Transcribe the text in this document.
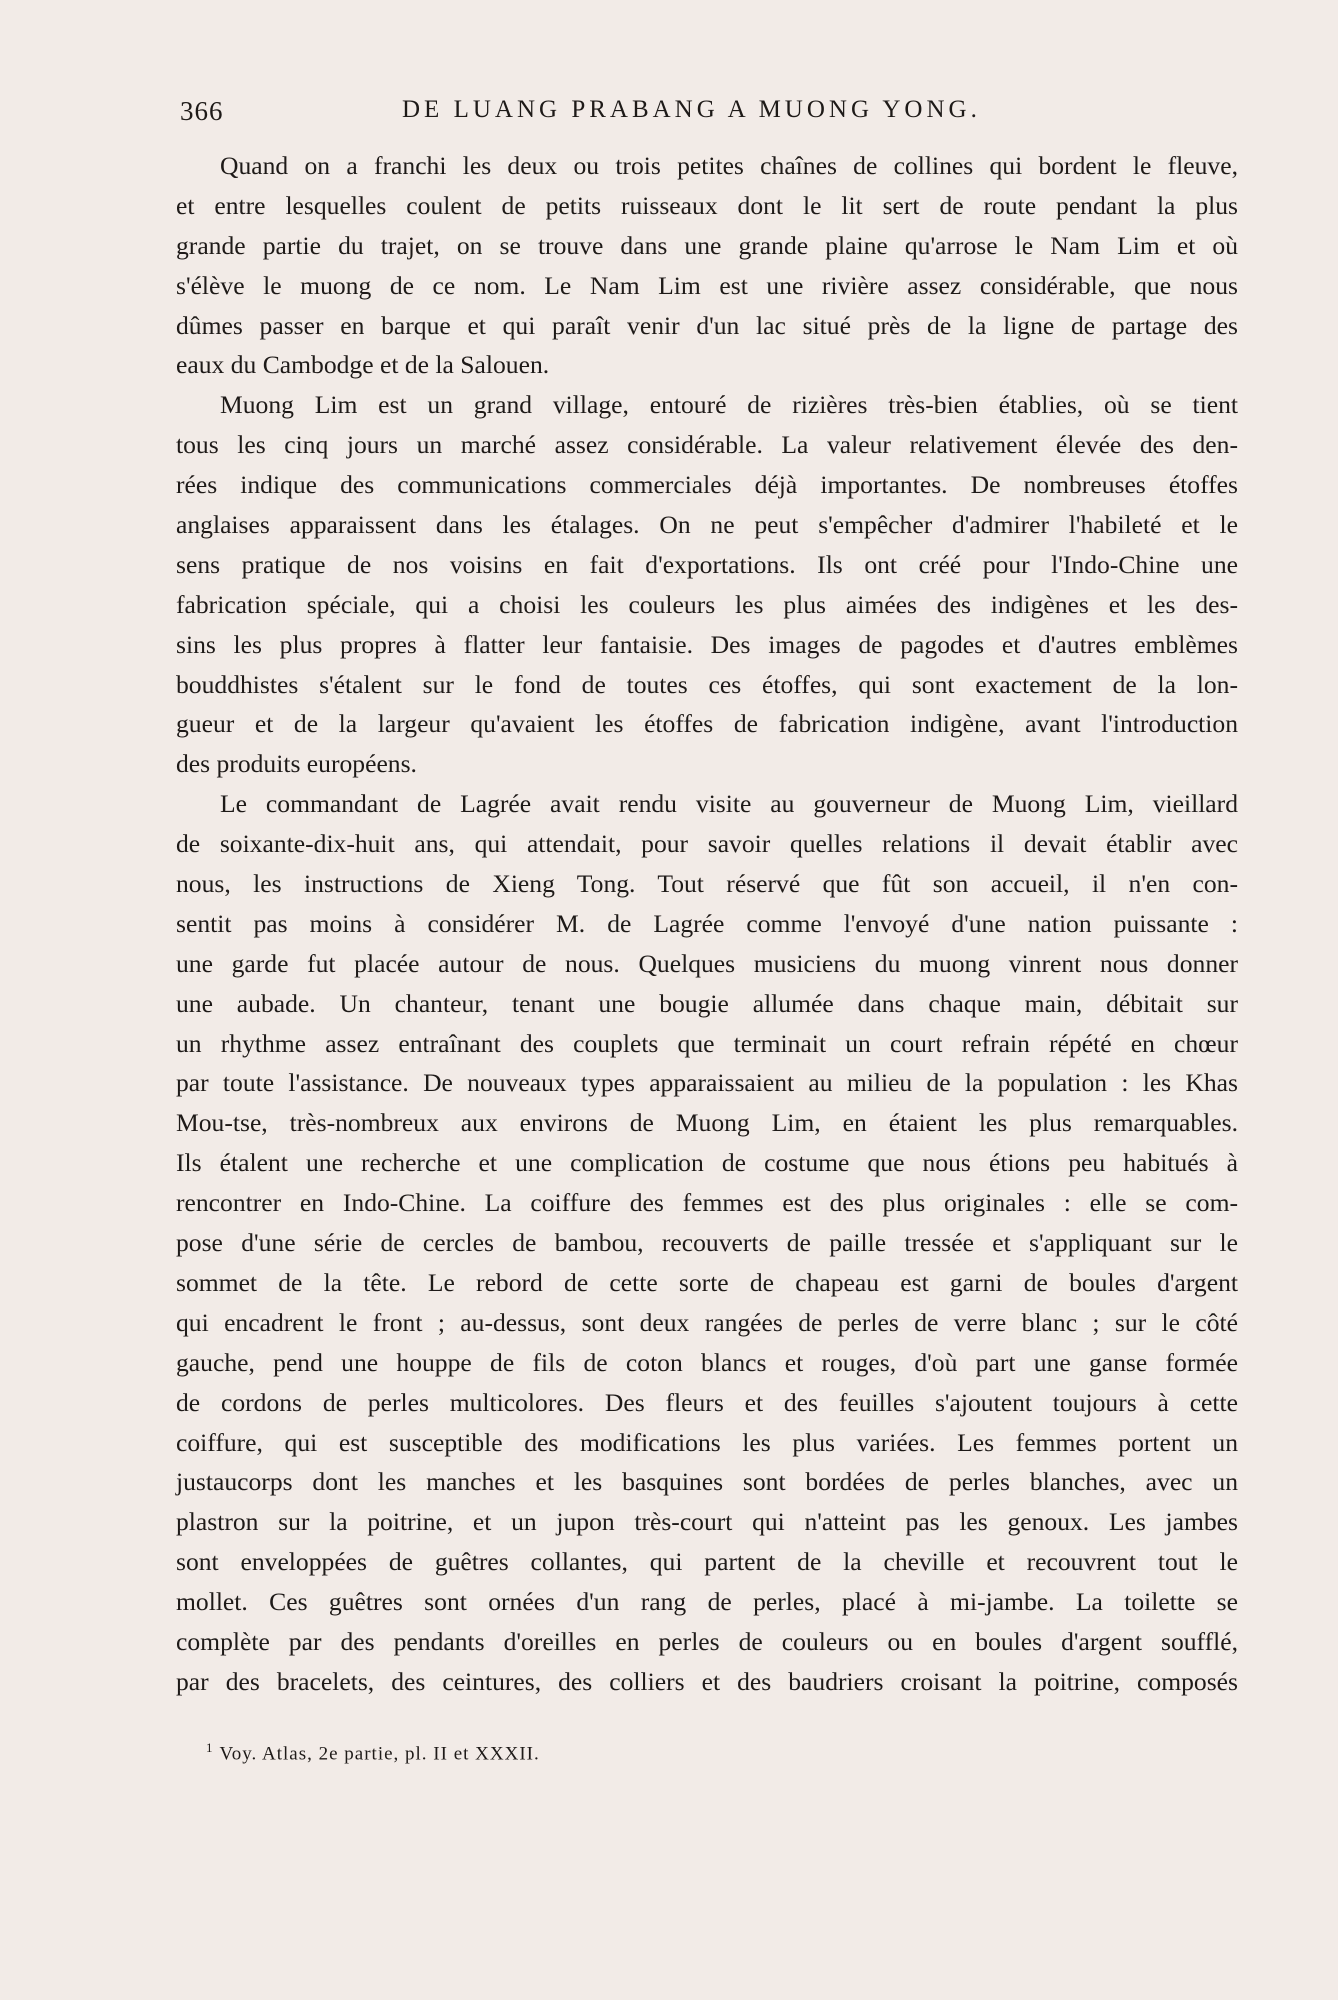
366	DE LUANG PRABANG A MUONG YONG.
Quand on a franchi les deux ou trois petites chaînes de collines qui bordent le fleuve,
et entre lesquelles coulent de petits ruisseaux dont le lit sert de route pendant la plus
grande partie du trajet, on se trouve dans une grande plaine qu'arrose le Nam Lim et où
s'élève le muong de ce nom. Le Nam Lim est une rivière assez considérable, que nous
dûmes passer en barque et qui paraît venir d'un lac situé près de la ligne de partage des
eaux du Cambodge et de la Salouen.
Muong Lim est un grand village, entouré de rizières très-bien établies, où se tient
tous les cinq jours un marché assez considérable. La valeur relativement élevée des den-
rées indique des communications commerciales déjà importantes. De nombreuses étoffes
anglaises apparaissent dans les étalages. On ne peut s'empêcher d'admirer l'habileté et le
sens pratique de nos voisins en fait d'exportations. Ils ont créé pour l'Indo-Chine une
fabrication spéciale, qui a choisi les couleurs les plus aimées des indigènes et les des-
sins les plus propres à flatter leur fantaisie. Des images de pagodes et d'autres emblèmes
bouddhistes s'étalent sur le fond de toutes ces étoffes, qui sont exactement de la lon-
gueur et de la largeur qu'avaient les étoffes de fabrication indigène, avant l'introduction
des produits européens.
Le commandant de Lagrée avait rendu visite au gouverneur de Muong Lim, vieillard
de soixante-dix-huit ans, qui attendait, pour savoir quelles relations il devait établir avec
nous, les instructions de Xieng Tong. Tout réservé que fût son accueil, il n'en con-
sentit pas moins à considérer M. de Lagrée comme l'envoyé d'une nation puissante :
une garde fut placée autour de nous. Quelques musiciens du muong vinrent nous donner
une aubade. Un chanteur, tenant une bougie allumée dans chaque main, débitait sur
un rhythme assez entraînant des couplets que terminait un court refrain répété en chœur
par toute l'assistance. De nouveaux types apparaissaient au milieu de la population : les Khas
Mou-tse, très-nombreux aux environs de Muong Lim, en étaient les plus remarquables.
Ils étalent une recherche et une complication de costume que nous étions peu habitués à
rencontrer en Indo-Chine. La coiffure des femmes est des plus originales : elle se com-
pose d'une série de cercles de bambou, recouverts de paille tressée et s'appliquant sur le
sommet de la tête. Le rebord de cette sorte de chapeau est garni de boules d'argent
qui encadrent le front ; au-dessus, sont deux rangées de perles de verre blanc ; sur le côté
gauche, pend une houppe de fils de coton blancs et rouges, d'où part une ganse formée
de cordons de perles multicolores. Des fleurs et des feuilles s'ajoutent toujours à cette
coiffure, qui est susceptible des modifications les plus variées. Les femmes portent un
justaucorps dont les manches et les basquines sont bordées de perles blanches, avec un
plastron sur la poitrine, et un jupon très-court qui n'atteint pas les genoux. Les jambes
sont enveloppées de guêtres collantes, qui partent de la cheville et recouvrent tout le
mollet. Ces guêtres sont ornées d'un rang de perles, placé à mi-jambe. La toilette se
complète par des pendants d'oreilles en perles de couleurs ou en boules d'argent soufflé,
par des bracelets, des ceintures, des colliers et des baudriers croisant la poitrine, composés
$^1$ Voy. Atlas, 2e partie, pl. II et XXXII.
